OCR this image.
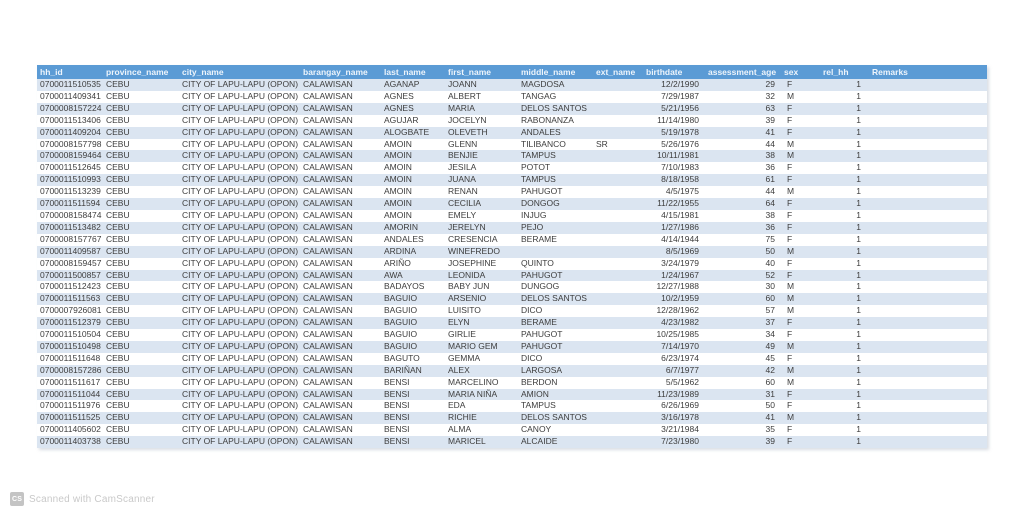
hh_id	province_name	city_name	barangay_name	last_name	first_name	middle_name	ext_name	birthdate	assessment_age	sex	rel_hh	Remarks
0700011510535	CEBU	CITY OF LAPU-LAPU (OPON)	CALAWISAN	AGANAP	JOANN	MAGDOSA		12/2/1990	29	F	1	
0700011409341	CEBU	CITY OF LAPU-LAPU (OPON)	CALAWISAN	AGNES	ALBERT	TANGAG		7/29/1987	32	M	1	
0700008157224	CEBU	CITY OF LAPU-LAPU (OPON)	CALAWISAN	AGNES	MARIA	DELOS SANTOS		5/21/1956	63	F	1	
0700011513406	CEBU	CITY OF LAPU-LAPU (OPON)	CALAWISAN	AGUJAR	JOCELYN	RABONANZA		11/14/1980	39	F	1	
0700011409204	CEBU	CITY OF LAPU-LAPU (OPON)	CALAWISAN	ALOGBATE	OLEVETH	ANDALES		5/19/1978	41	F	1	
0700008157798	CEBU	CITY OF LAPU-LAPU (OPON)	CALAWISAN	AMOIN	GLENN	TILIBANCO	SR	5/26/1976	44	M	1	
0700008159464	CEBU	CITY OF LAPU-LAPU (OPON)	CALAWISAN	AMOIN	BENJIE	TAMPUS		10/11/1981	38	M	1	
0700011512645	CEBU	CITY OF LAPU-LAPU (OPON)	CALAWISAN	AMOIN	JESILA	POTOT		7/10/1983	36	F	1	
0700011510993	CEBU	CITY OF LAPU-LAPU (OPON)	CALAWISAN	AMOIN	JUANA	TAMPUS		8/18/1958	61	F	1	
0700011513239	CEBU	CITY OF LAPU-LAPU (OPON)	CALAWISAN	AMOIN	RENAN	PAHUGOT		4/5/1975	44	M	1	
0700011511594	CEBU	CITY OF LAPU-LAPU (OPON)	CALAWISAN	AMOIN	CECILIA	DONGOG		11/22/1955	64	F	1	
0700008158474	CEBU	CITY OF LAPU-LAPU (OPON)	CALAWISAN	AMOIN	EMELY	INJUG		4/15/1981	38	F	1	
0700011513482	CEBU	CITY OF LAPU-LAPU (OPON)	CALAWISAN	AMORIN	JERELYN	PEJO		1/27/1986	36	F	1	
0700008157767	CEBU	CITY OF LAPU-LAPU (OPON)	CALAWISAN	ANDALES	CRESENCIA	BERAME		4/14/1944	75	F	1	
0700011409587	CEBU	CITY OF LAPU-LAPU (OPON)	CALAWISAN	ARDINA	WINEFREDO			8/5/1969	50	M	1	
0700008159457	CEBU	CITY OF LAPU-LAPU (OPON)	CALAWISAN	ARIÑO	JOSEPHINE	QUINTO		3/24/1979	40	F	1	
0700011500857	CEBU	CITY OF LAPU-LAPU (OPON)	CALAWISAN	AWA	LEONIDA	PAHUGOT		1/24/1967	52	F	1	
0700011512423	CEBU	CITY OF LAPU-LAPU (OPON)	CALAWISAN	BADAYOS	BABY JUN	DUNGOG		12/27/1988	30	M	1	
0700011511563	CEBU	CITY OF LAPU-LAPU (OPON)	CALAWISAN	BAGUIO	ARSENIO	DELOS SANTOS		10/2/1959	60	M	1	
0700007926081	CEBU	CITY OF LAPU-LAPU (OPON)	CALAWISAN	BAGUIO	LUISITO	DICO		12/28/1962	57	M	1	
0700011512379	CEBU	CITY OF LAPU-LAPU (OPON)	CALAWISAN	BAGUIO	ELYN	BERAME		4/23/1982	37	F	1	
0700011510504	CEBU	CITY OF LAPU-LAPU (OPON)	CALAWISAN	BAGUIO	GIRLIE	PAHUGOT		10/25/1985	34	F	1	
0700011510498	CEBU	CITY OF LAPU-LAPU (OPON)	CALAWISAN	BAGUIO	MARIO GEM	PAHUGOT		7/14/1970	49	M	1	
0700011511648	CEBU	CITY OF LAPU-LAPU (OPON)	CALAWISAN	BAGUTO	GEMMA	DICO		6/23/1974	45	F	1	
0700008157286	CEBU	CITY OF LAPU-LAPU (OPON)	CALAWISAN	BARIÑAN	ALEX	LARGOSA		6/7/1977	42	M	1	
0700011511617	CEBU	CITY OF LAPU-LAPU (OPON)	CALAWISAN	BENSI	MARCELINO	BERDON		5/5/1962	60	M	1	
0700011511044	CEBU	CITY OF LAPU-LAPU (OPON)	CALAWISAN	BENSI	MARIA NIÑA	AMION		11/23/1989	31	F	1	
0700011511976	CEBU	CITY OF LAPU-LAPU (OPON)	CALAWISAN	BENSI	EDA	TAMPUS		6/26/1969	50	F	1	
0700011511525	CEBU	CITY OF LAPU-LAPU (OPON)	CALAWISAN	BENSI	RICHIE	DELOS SANTOS		3/16/1978	41	M	1	
0700011405602	CEBU	CITY OF LAPU-LAPU (OPON)	CALAWISAN	BENSI	ALMA	CANOY		3/21/1984	35	F	1	
0700011403738	CEBU	CITY OF LAPU-LAPU (OPON)	CALAWISAN	BENSI	MARICEL	ALCAIDE		7/23/1980	39	F	1	
CS Scanned with CamScanner
